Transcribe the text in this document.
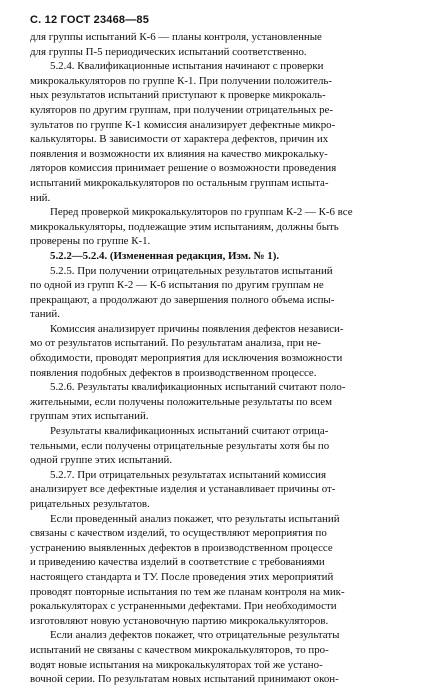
С. 12 ГОСТ 23468—85
для группы испытаний К-6 — планы контроля, установленные
для группы П-5 периодических испытаний соответственно.
5.2.4. Квалификационные испытания начинают с проверки
микрокалькуляторов по группе К-1. При получении положитель-
ных результатов испытаний приступают к проверке микрокаль-
куляторов по другим группам, при получении отрицательных ре-
зультатов по группе К-1 комиссия анализирует дефектные микро-
калькуляторы. В зависимости от характера дефектов, причин их
появления и возможности их влияния на качество микрокальку-
ляторов комиссия принимает решение о возможности проведения
испытаний микрокалькуляторов по остальным группам испыта-
ний.
Перед проверкой микрокалькуляторов по группам К-2 — К-6 все
микрокалькуляторы, подлежащие этим испытаниям, должны быть
проверены по группе К-1.
5.2.2—5.2.4. (Измененная редакция, Изм. № 1).
5.2.5. При получении отрицательных результатов испытаний
по одной из групп К-2 — К-6 испытания по другим группам не
прекращают, а продолжают до завершения полного объема испы-
таний.
Комиссия анализирует причины появления дефектов независи-
мо от результатов испытаний. По результатам анализа, при не-
обходимости, проводят мероприятия для исключения возможности
появления подобных дефектов в производственном процессе.
5.2.6. Результаты квалификационных испытаний считают поло-
жительными, если получены положительные результаты по всем
группам этих испытаний.
Результаты квалификационных испытаний считают отрица-
тельными, если получены отрицательные результаты хотя бы по
одной группе этих испытаний.
5.2.7. При отрицательных результатах испытаний комиссия
анализирует все дефектные изделия и устанавливает причины от-
рицательных результатов.
Если проведенный анализ покажет, что результаты испытаний
связаны с качеством изделий, то осуществляют мероприятия по
устранению выявленных дефектов в производственном процессе
и приведению качества изделий в соответствие с требованиями
настоящего стандарта и ТУ. После проведения этих мероприятий
проводят повторные испытания по тем же планам контроля на мик-
рокалькуляторах с устраненными дефектами. При необходимости
изготовляют новую установочную партию микрокалькуляторов.
Если анализ дефектов покажет, что отрицательные результаты
испытаний не связаны с качеством микрокалькуляторов, то про-
водят новые испытания на микрокалькуляторах той же устано-
вочной серии. По результатам новых испытаний принимают окон-
